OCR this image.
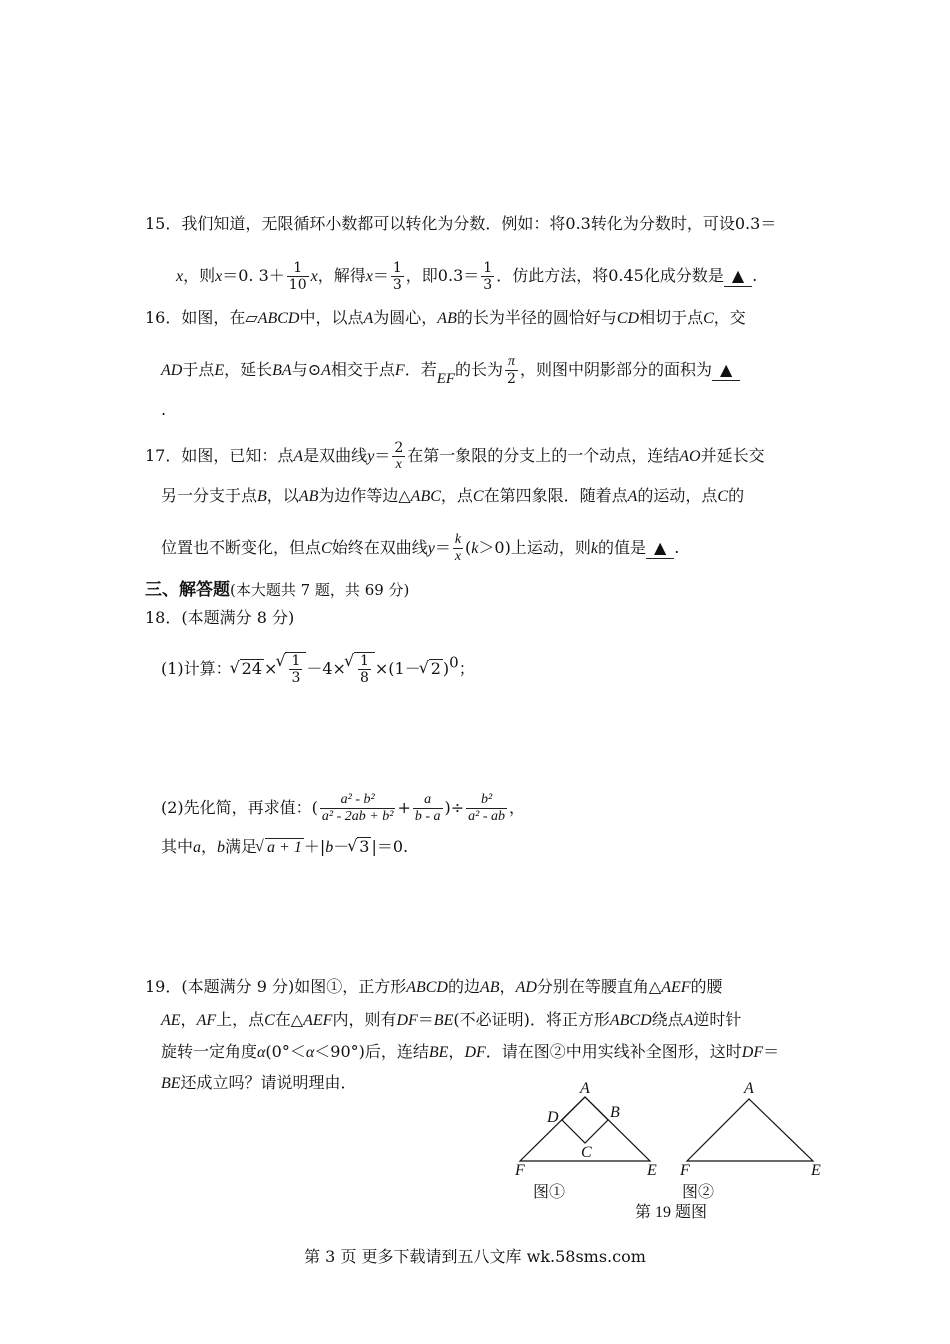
15．我们知道，无限循环小数都可以转化为分数．例如：将0.3转化为分数时，可设0.3＝
x，则x＝0. $3+ \frac{1}{10}$ x，解得$x= \frac{1}{3}$ ，即$0.3= \frac{1}{3}$ ．仿此方法，将0.45化成分数是 ▲ .
16．如图，在▱ABCD中，以点A为圆心，AB的长为半径的圆恰好与CD相切于点C，交
AD于点E，延长BA与⊙A相交于点F．若EF的长为 $\frac{\pi}{2}$ ，则图中阴影部分的面积为 ▲
.
17．如图，已知：点A是双曲线$y= \frac{2}{x}$ 在第一象限的分支上的一个动点，连结AO并延长交
另一分支于点B，以AB为边作等边△ABC，点C在第四象限．随着点A的运动，点C的
位置也不断变化，但点C始终在双曲线$y= \frac{k}{x} (k>0)$上运动，则k的值是 ▲ .
三、解答题(本大题共 7 题，共 69 分)
18．(本题满分 8 分)
(1)计算：√ 24 ×
√ $\frac{1}{3} -4\times$
√ $\frac{1}{8} \times(1-√$ 2 )$^0$；
(2)先化简，再求值：( $\frac{\text{a² - b²}}{\text{a² - 2ab + b²}} + \frac{a}{b - a}$ )÷ $\frac{\text{b²}}{\text{a² - ab}}$ ，
其中a，b满足√ a + 1 ＋|b－√ 3 |＝0.
19．(本题满分 9 分)如图①，正方形ABCD的边AB，AD分别在等腰直角△AEF的腰
AE，AF上，点C在△AEF内，则有DF＝BE(不必证明)．将正方形ABCD绕点A逆时针
旋转一定角度α(0°＜α＜90°)后，连结BE，DF．请在图②中用实线补全图形，这时DF＝
BE还成立吗？请说明理由．	A
B
D
C
F	E
图①
A
F	E
图②
第 19 题图
第 3 页 更多下载请到五八文库 wk.58sms.com
